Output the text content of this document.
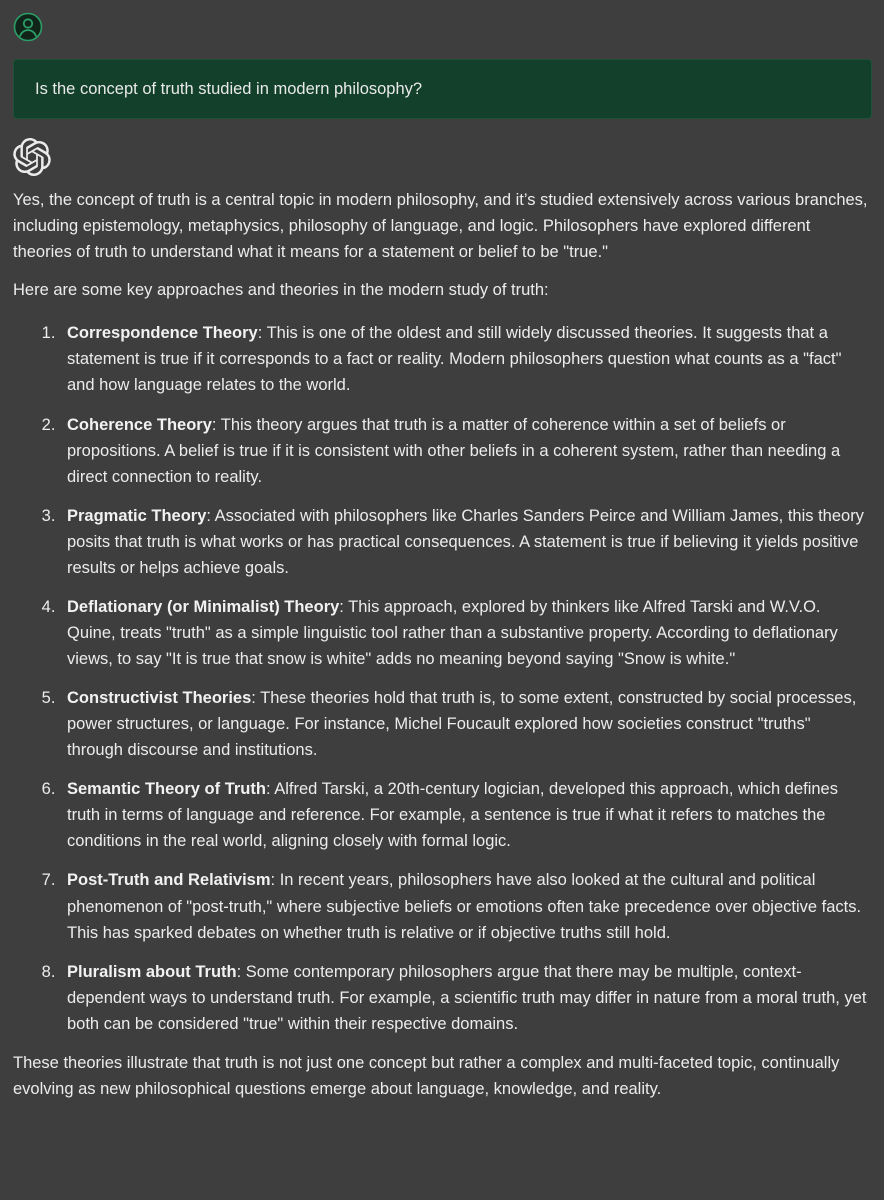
Is the concept of truth studied in modern philosophy?

Yes, the concept of truth is a central topic in modern philosophy, and it’s studied extensively across various branches, including epistemology, metaphysics, philosophy of language, and logic. Philosophers have explored different theories of truth to understand what it means for a statement or belief to be "true."

Here are some key approaches and theories in the modern study of truth:

1. Correspondence Theory: This is one of the oldest and still widely discussed theories. It suggests that a statement is true if it corresponds to a fact or reality. Modern philosophers question what counts as a "fact" and how language relates to the world.
2. Coherence Theory: This theory argues that truth is a matter of coherence within a set of beliefs or propositions. A belief is true if it is consistent with other beliefs in a coherent system, rather than needing a direct connection to reality.
3. Pragmatic Theory: Associated with philosophers like Charles Sanders Peirce and William James, this theory posits that truth is what works or has practical consequences. A statement is true if believing it yields positive results or helps achieve goals.
4. Deflationary (or Minimalist) Theory: This approach, explored by thinkers like Alfred Tarski and W.V.O. Quine, treats "truth" as a simple linguistic tool rather than a substantive property. According to deflationary views, to say "It is true that snow is white" adds no meaning beyond saying "Snow is white."
5. Constructivist Theories: These theories hold that truth is, to some extent, constructed by social processes, power structures, or language. For instance, Michel Foucault explored how societies construct "truths" through discourse and institutions.
6. Semantic Theory of Truth: Alfred Tarski, a 20th-century logician, developed this approach, which defines truth in terms of language and reference. For example, a sentence is true if what it refers to matches the conditions in the real world, aligning closely with formal logic.
7. Post-Truth and Relativism: In recent years, philosophers have also looked at the cultural and political phenomenon of "post-truth," where subjective beliefs or emotions often take precedence over objective facts. This has sparked debates on whether truth is relative or if objective truths still hold.
8. Pluralism about Truth: Some contemporary philosophers argue that there may be multiple, context-dependent ways to understand truth. For example, a scientific truth may differ in nature from a moral truth, yet both can be considered "true" within their respective domains.

These theories illustrate that truth is not just one concept but rather a complex and multi-faceted topic, continually evolving as new philosophical questions emerge about language, knowledge, and reality.
